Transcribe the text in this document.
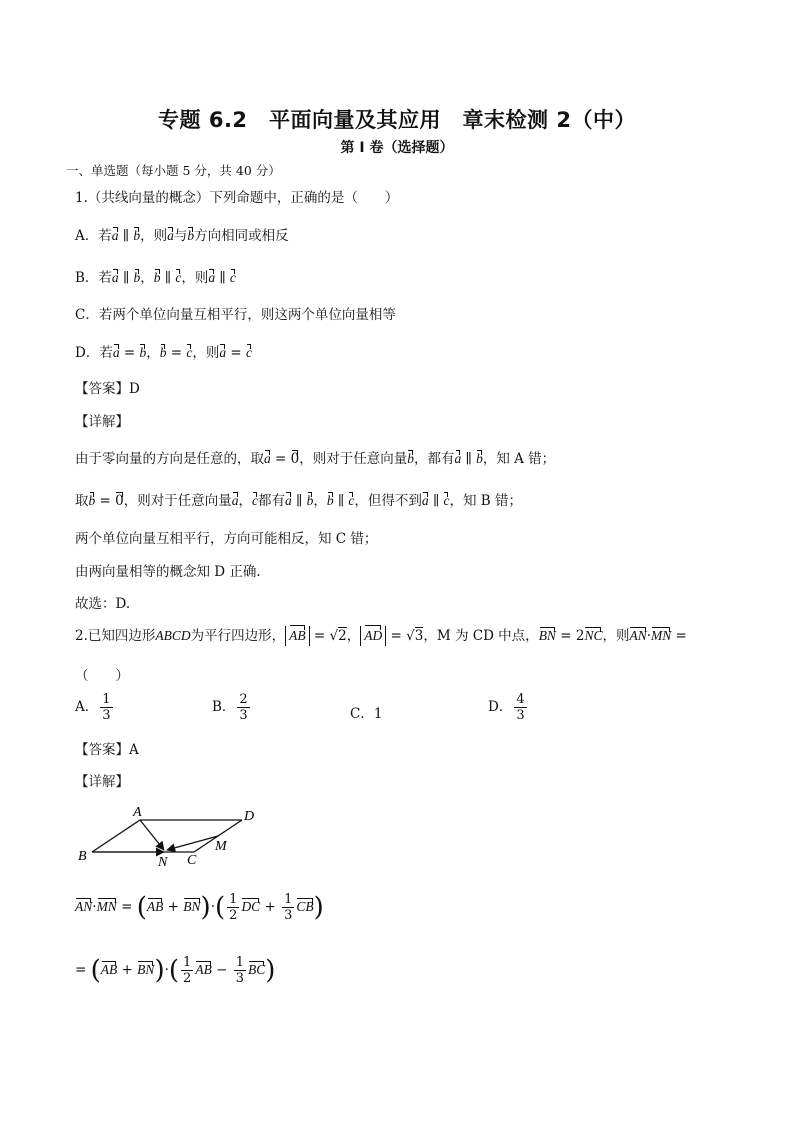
专题 6.2　平面向量及其应用　章末检测 2（中）
第 I 卷（选择题）
一、单选题（每小题 5 分，共 40 分）
1.（共线向量的概念）下列命题中，正确的是（　　）
A．若a ∥ b，则a与b方向相同或相反
B．若a ∥ b，b ∥ c，则a ∥ c
C．若两个单位向量互相平行，则这两个单位向量相等
D．若a = b，b = c，则a = c
【答案】D
【详解】
由于零向量的方向是任意的，取a = 0，则对于任意向量b，都有a ∥ b，知 A 错；
取b = 0，则对于任意向量a，c都有a ∥ b，b ∥ c，但得不到a ∥ c，知 B 错；
两个单位向量互相平行，方向可能相反，知 C 错；
由两向量相等的概念知 D 正确.
故选：D.
2.已知四边形ABCD为平行四边形， AB = √2， AD = √3，M 为 CD 中点，BN = 2NC，则AN·MN =
（　　）
A． $\frac{1}{3}$	B． $\frac{2}{3}$	C．1	D． $\frac{4}{3}$
【答案】A
【详解】
A	D
B	N C
M
$AN\cdot MN = (AB + BN)\cdot( \frac{1}{2}$ DC + $\frac{1}{3} CB$)
= $(AB + BN)\cdot( \frac{1}{2}$ AB − $\frac{1}{3} BC$)
